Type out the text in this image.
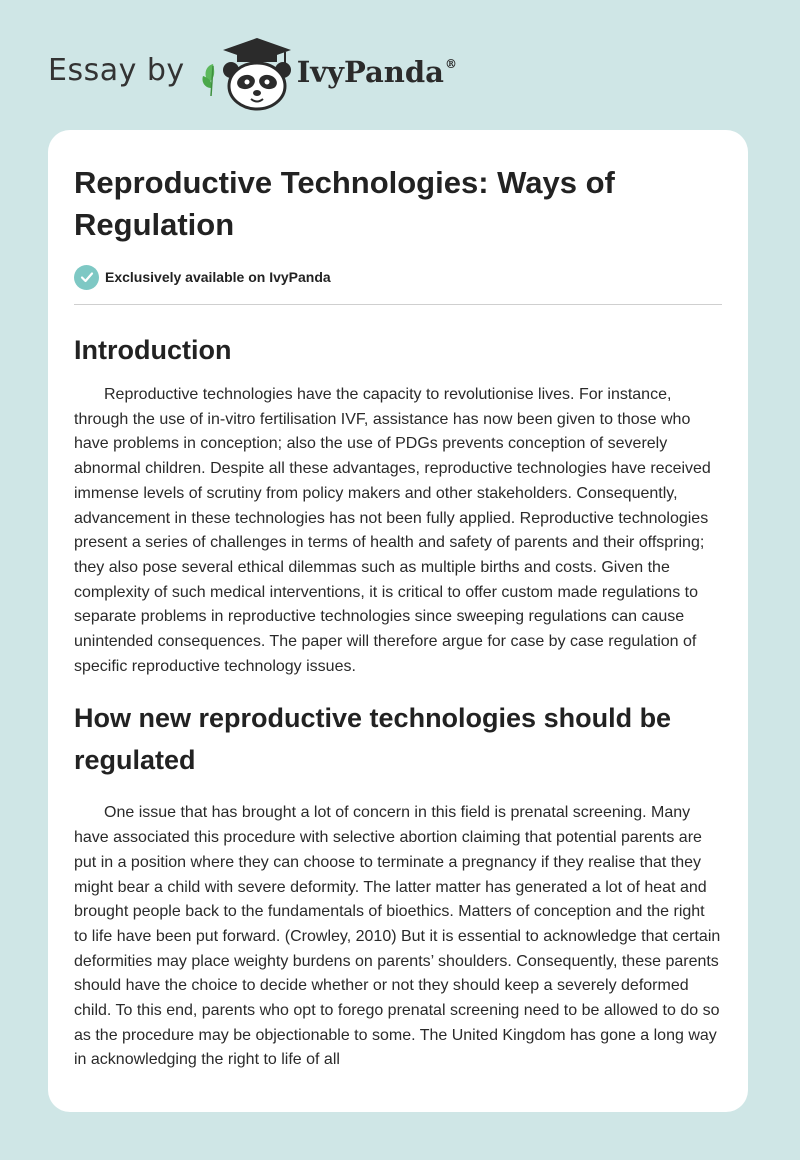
Essay by	IvyPanda®
Reproductive Technologies: Ways of Regulation
Exclusively available on IvyPanda
Introduction

Reproductive technologies have the capacity to revolutionise lives. For instance, through the use of in-vitro fertilisation IVF, assistance has now been given to those who have problems in conception; also the use of PDGs prevents conception of severely abnormal children. Despite all these advantages, reproductive technologies have received immense levels of scrutiny from policy makers and other stakeholders. Consequently, advancement in these technologies has not been fully applied. Reproductive technologies present a series of challenges in terms of health and safety of parents and their offspring; they also pose several ethical dilemmas such as multiple births and costs. Given the complexity of such medical interventions, it is critical to offer custom made regulations to separate problems in reproductive technologies since sweeping regulations can cause unintended consequences. The paper will therefore argue for case by case regulation of specific reproductive technology issues.

How new reproductive technologies should be regulated

One issue that has brought a lot of concern in this field is prenatal screening. Many have associated this procedure with selective abortion claiming that potential parents are put in a position where they can choose to terminate a pregnancy if they realise that they might bear a child with severe deformity. The latter matter has generated a lot of heat and brought people back to the fundamentals of bioethics. Matters of conception and the right to life have been put forward. (Crowley, 2010) But it is essential to acknowledge that certain deformities may place weighty burdens on parents’ shoulders. Consequently, these parents should have the choice to decide whether or not they should keep a severely deformed child. To this end, parents who opt to forego prenatal screening need to be allowed to do so as the procedure may be objectionable to some. The United Kingdom has gone a long way in acknowledging the right to life of all
